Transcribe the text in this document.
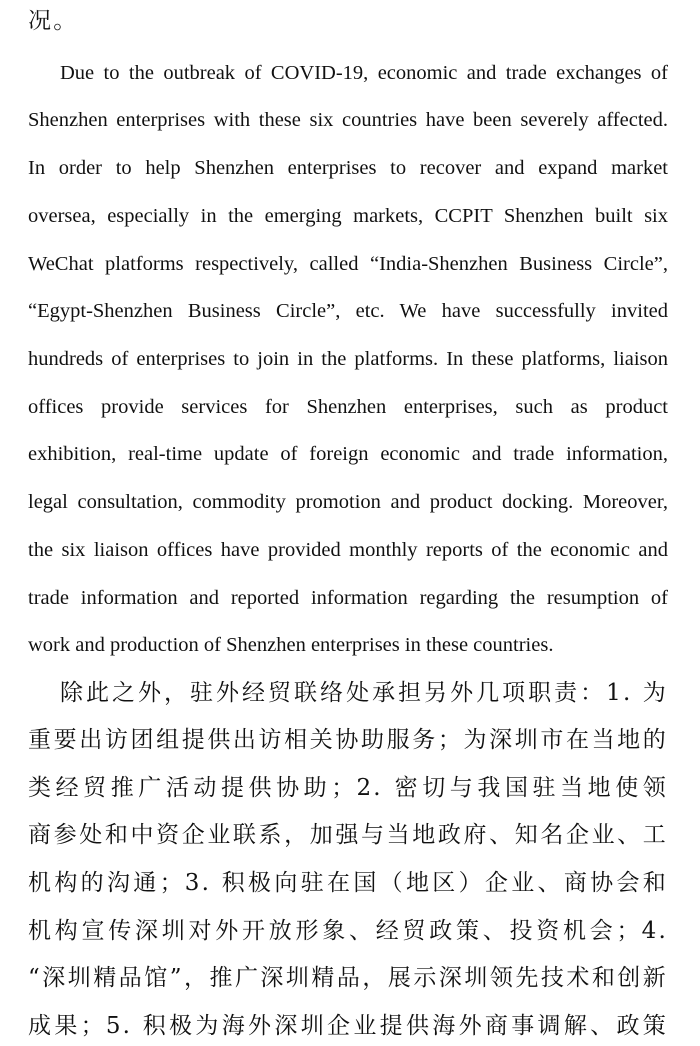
况。
Due to the outbreak of COVID-19, economic and trade exchanges of
Shenzhen enterprises with these six countries have been severely affected.
In order to help Shenzhen enterprises to recover and expand market
oversea, especially in the emerging markets, CCPIT Shenzhen built six
WeChat platforms respectively, called “India-Shenzhen Business Circle”,
“Egypt-Shenzhen Business Circle”, etc. We have successfully invited
hundreds of enterprises to join in the platforms. In these platforms, liaison
offices provide services for Shenzhen enterprises, such as product
exhibition, real-time update of foreign economic and trade information,
legal consultation, commodity promotion and product docking. Moreover,
the six liaison offices have provided monthly reports of the economic and
trade information and reported information regarding the resumption of
work and production of Shenzhen enterprises in these countries.
除此之外，驻外经贸联络处承担另外几项职责：1. 为
重要出访团组提供出访相关协助服务；为深圳市在当地的
类经贸推广活动提供协助；2. 密切与我国驻当地使领
商参处和中资企业联系，加强与当地政府、知名企业、工
机构的沟通；3. 积极向驻在国（地区）企业、商协会和
机构宣传深圳对外开放形象、经贸政策、投资机会；4.
“深圳精品馆”，推广深圳精品，展示深圳领先技术和创新
成果；5. 积极为海外深圳企业提供海外商事调解、政策
